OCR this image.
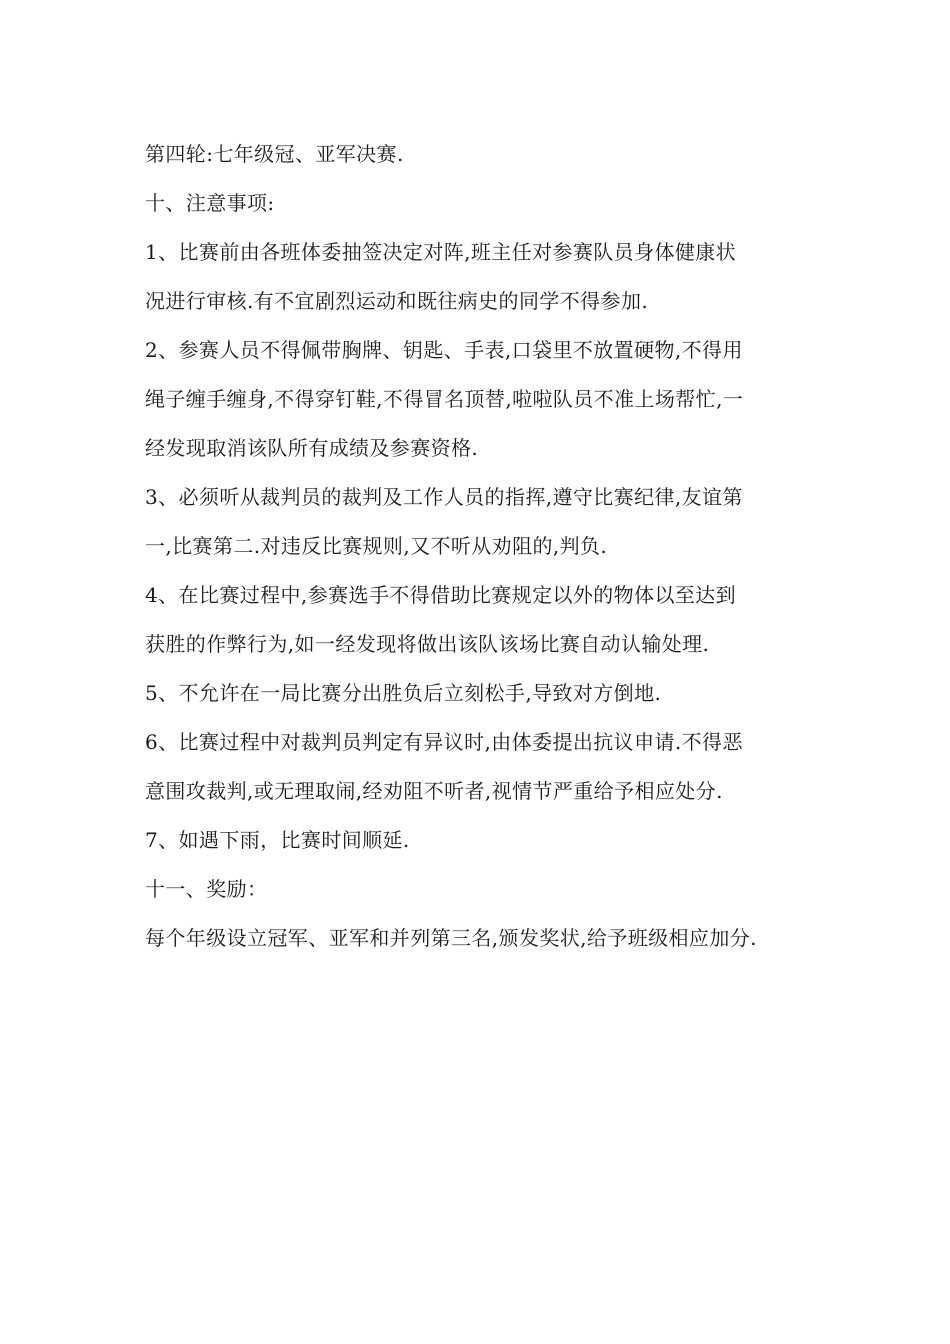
第四轮:七年级冠、亚军决赛.

十、注意事项:

1、比赛前由各班体委抽签决定对阵,班主任对参赛队员身体健康状

况进行审核.有不宜剧烈运动和既往病史的同学不得参加.

2、参赛人员不得佩带胸牌、钥匙、手表,口袋里不放置硬物,不得用

绳子缠手缠身,不得穿钉鞋,不得冒名顶替,啦啦队员不准上场帮忙,一

经发现取消该队所有成绩及参赛资格.

3、必须听从裁判员的裁判及工作人员的指挥,遵守比赛纪律,友谊第

一,比赛第二.对违反比赛规则,又不听从劝阻的,判负.

4、在比赛过程中,参赛选手不得借助比赛规定以外的物体以至达到

获胜的作弊行为,如一经发现将做出该队该场比赛自动认输处理.

5、不允许在一局比赛分出胜负后立刻松手,导致对方倒地.

6、比赛过程中对裁判员判定有异议时,由体委提出抗议申请.不得恶

意围攻裁判,或无理取闹,经劝阻不听者,视情节严重给予相应处分.

7、如遇下雨，比赛时间顺延.

十一、奖励：

每个年级设立冠军、亚军和并列第三名,颁发奖状,给予班级相应加分.
